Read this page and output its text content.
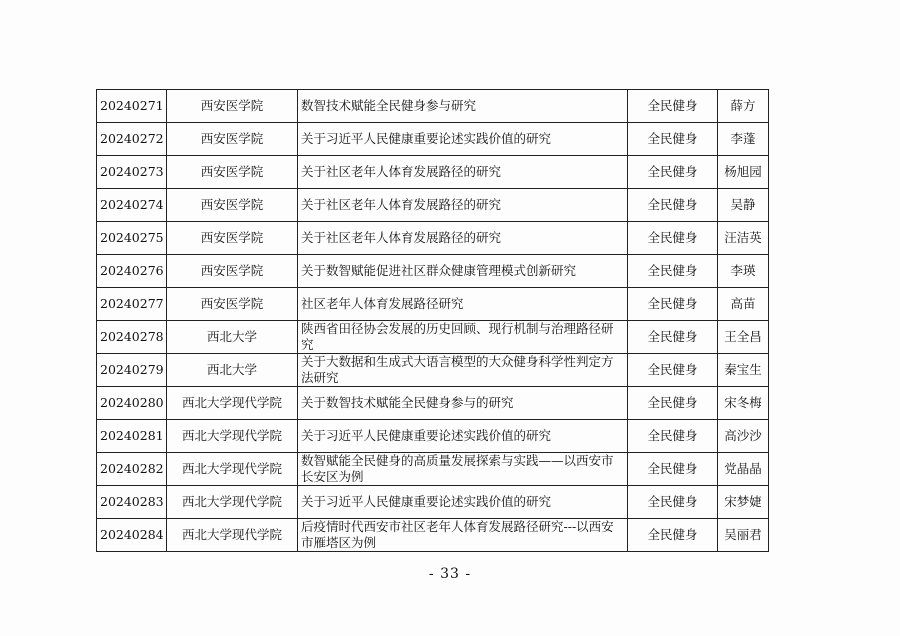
20240271	西安医学院	数智技术赋能全民健身参与研究	全民健身	薛方
20240272	西安医学院	关于习近平人民健康重要论述实践价值的研究	全民健身	李蓬
20240273	西安医学院	关于社区老年人体育发展路径的研究	全民健身	杨旭园
20240274	西安医学院	关于社区老年人体育发展路径的研究	全民健身	吴静
20240275	西安医学院	关于社区老年人体育发展路径的研究	全民健身	汪洁英
20240276	西安医学院	关于数智赋能促进社区群众健康管理模式创新研究	全民健身	李瑛
20240277	西安医学院	社区老年人体育发展路径研究	全民健身	高苗
20240278	西北大学	陕西省田径协会发展的历史回顾、现行机制与治理路径研究	全民健身	王全昌
20240279	西北大学	关于大数据和生成式大语言模型的大众健身科学性判定方法研究	全民健身	秦宝生
20240280	西北大学现代学院	关于数智技术赋能全民健身参与的研究	全民健身	宋冬梅
20240281	西北大学现代学院	关于习近平人民健康重要论述实践价值的研究	全民健身	高沙沙
20240282	西北大学现代学院	数智赋能全民健身的高质量发展探索与实践——以西安市长安区为例	全民健身	党晶晶
20240283	西北大学现代学院	关于习近平人民健康重要论述实践价值的研究	全民健身	宋梦婕
20240284	西北大学现代学院	后疫情时代西安市社区老年人体育发展路径研究---以西安市雁塔区为例	全民健身	吴丽君
- 33 -
